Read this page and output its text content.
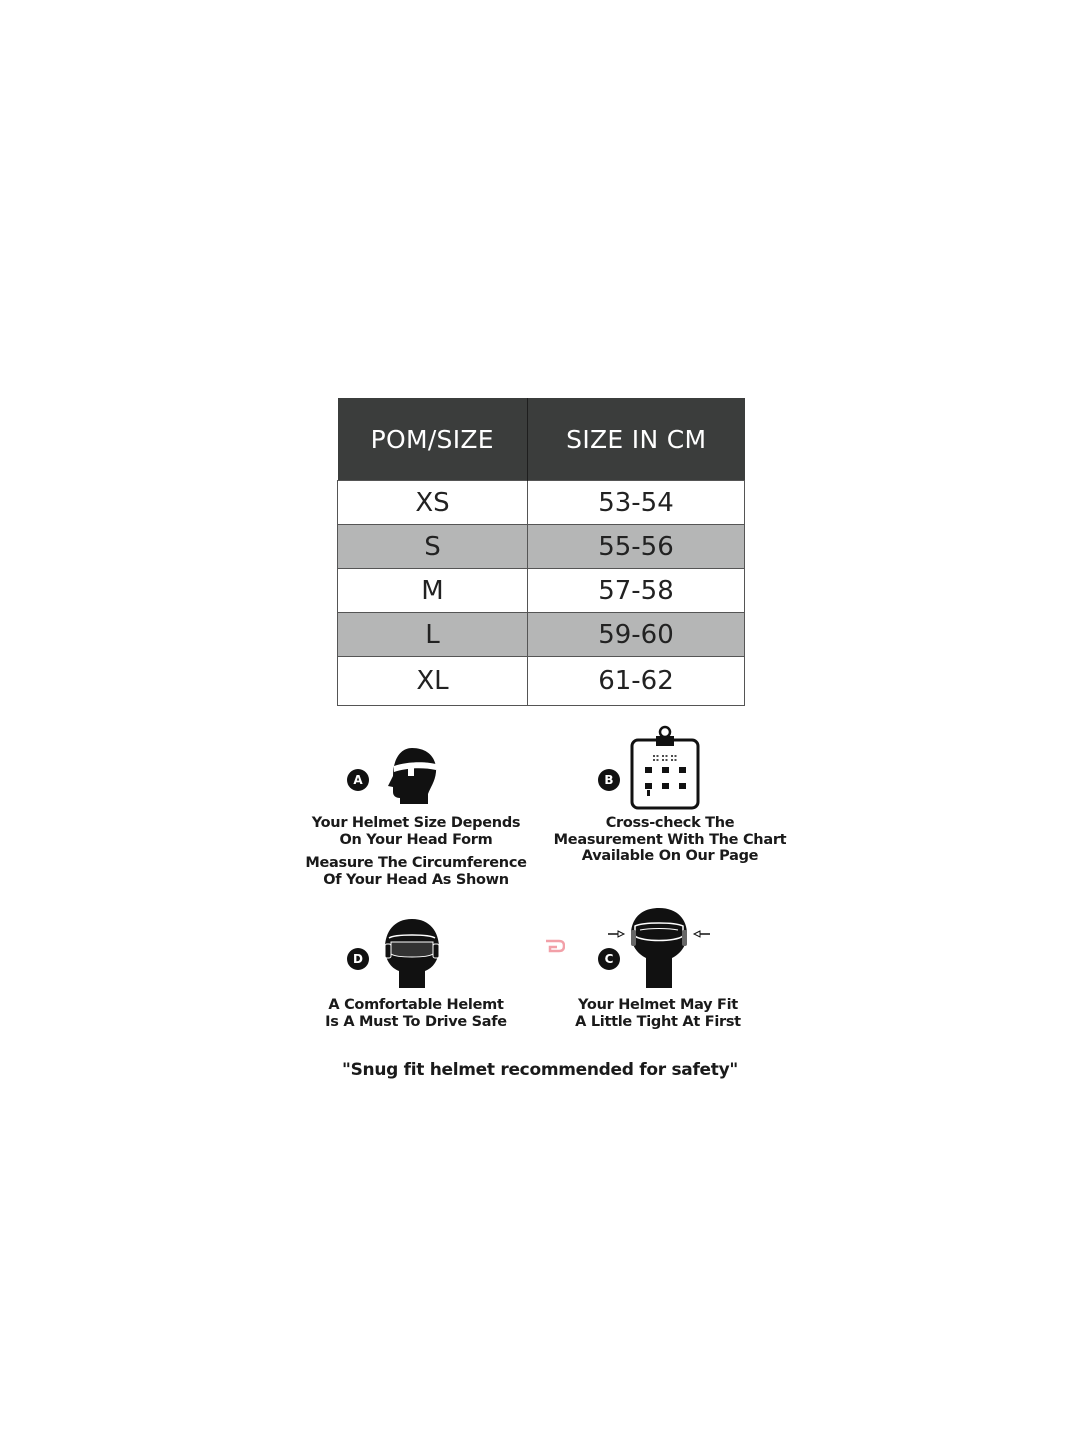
POM/SIZE	SIZE IN CM
XS	53-54
S	55-56
M	57-58
L	59-60
XL	61-62
A
Your Helmet Size Depends
On Your Head Form
Measure The Circumference
Of Your Head As Shown
B
Cross-check The
Measurement With The Chart
Available On Our Page
D
A Comfortable Helemt
Is A Must To Drive Safe
C
Your Helmet May Fit
A Little Tight At First
"Snug fit helmet recommended for safety"
